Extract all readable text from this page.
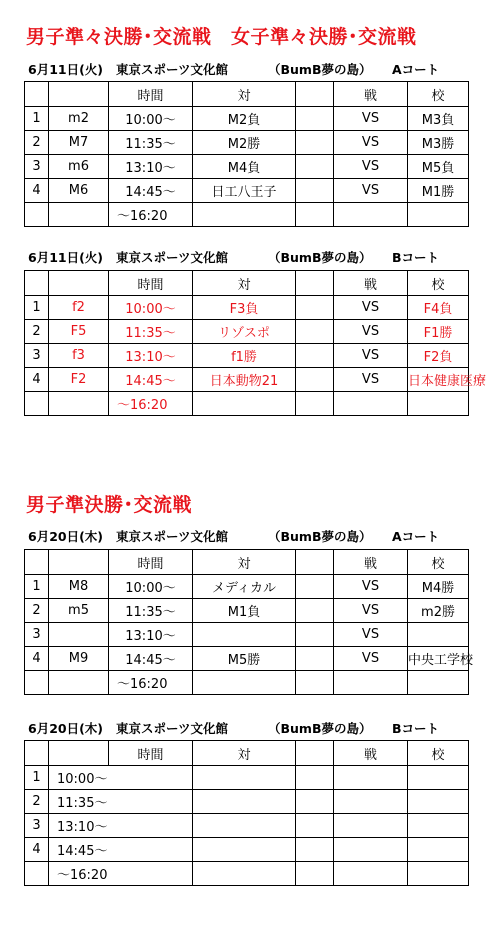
男子準々決勝･交流戦　女子準々決勝･交流戦
6月11日(火) 東京スポーツ文化館	（BumB夢の島） Aコート
		時間	対		戦	校
1	m2	10:00～	M2負		VS	M3負
2	M7	11:35～	M2勝		VS	M3勝
3	m6	13:10～	M4負		VS	M5負
4	M6	14:45～	日工八王子		VS	M1勝
		～16:20				
6月11日(火) 東京スポーツ文化館	（BumB夢の島） Bコート
		時間	対		戦	校
1	f2	10:00～	F3負		VS	F4負
2	F5	11:35～	リゾスポ		VS	F1勝
3	f3	13:10～	f1勝		VS	F2負
4	F2	14:45～	日本動物21		VS	日本健康医療
		～16:20				
男子準決勝･交流戦
6月20日(木) 東京スポーツ文化館	（BumB夢の島） Aコート
		時間	対		戦	校
1	M8	10:00～	メディカル		VS	M4勝
2	m5	11:35～	M1負		VS	m2勝
3		13:10～			VS	
4	M9	14:45～	M5勝		VS	中央工学校
		～16:20				
6月20日(木) 東京スポーツ文化館	（BumB夢の島） Bコート
		時間	対		戦	校
1	10:00～					
2	11:35～					
3	13:10～					
4	14:45～					
	～16:20					
